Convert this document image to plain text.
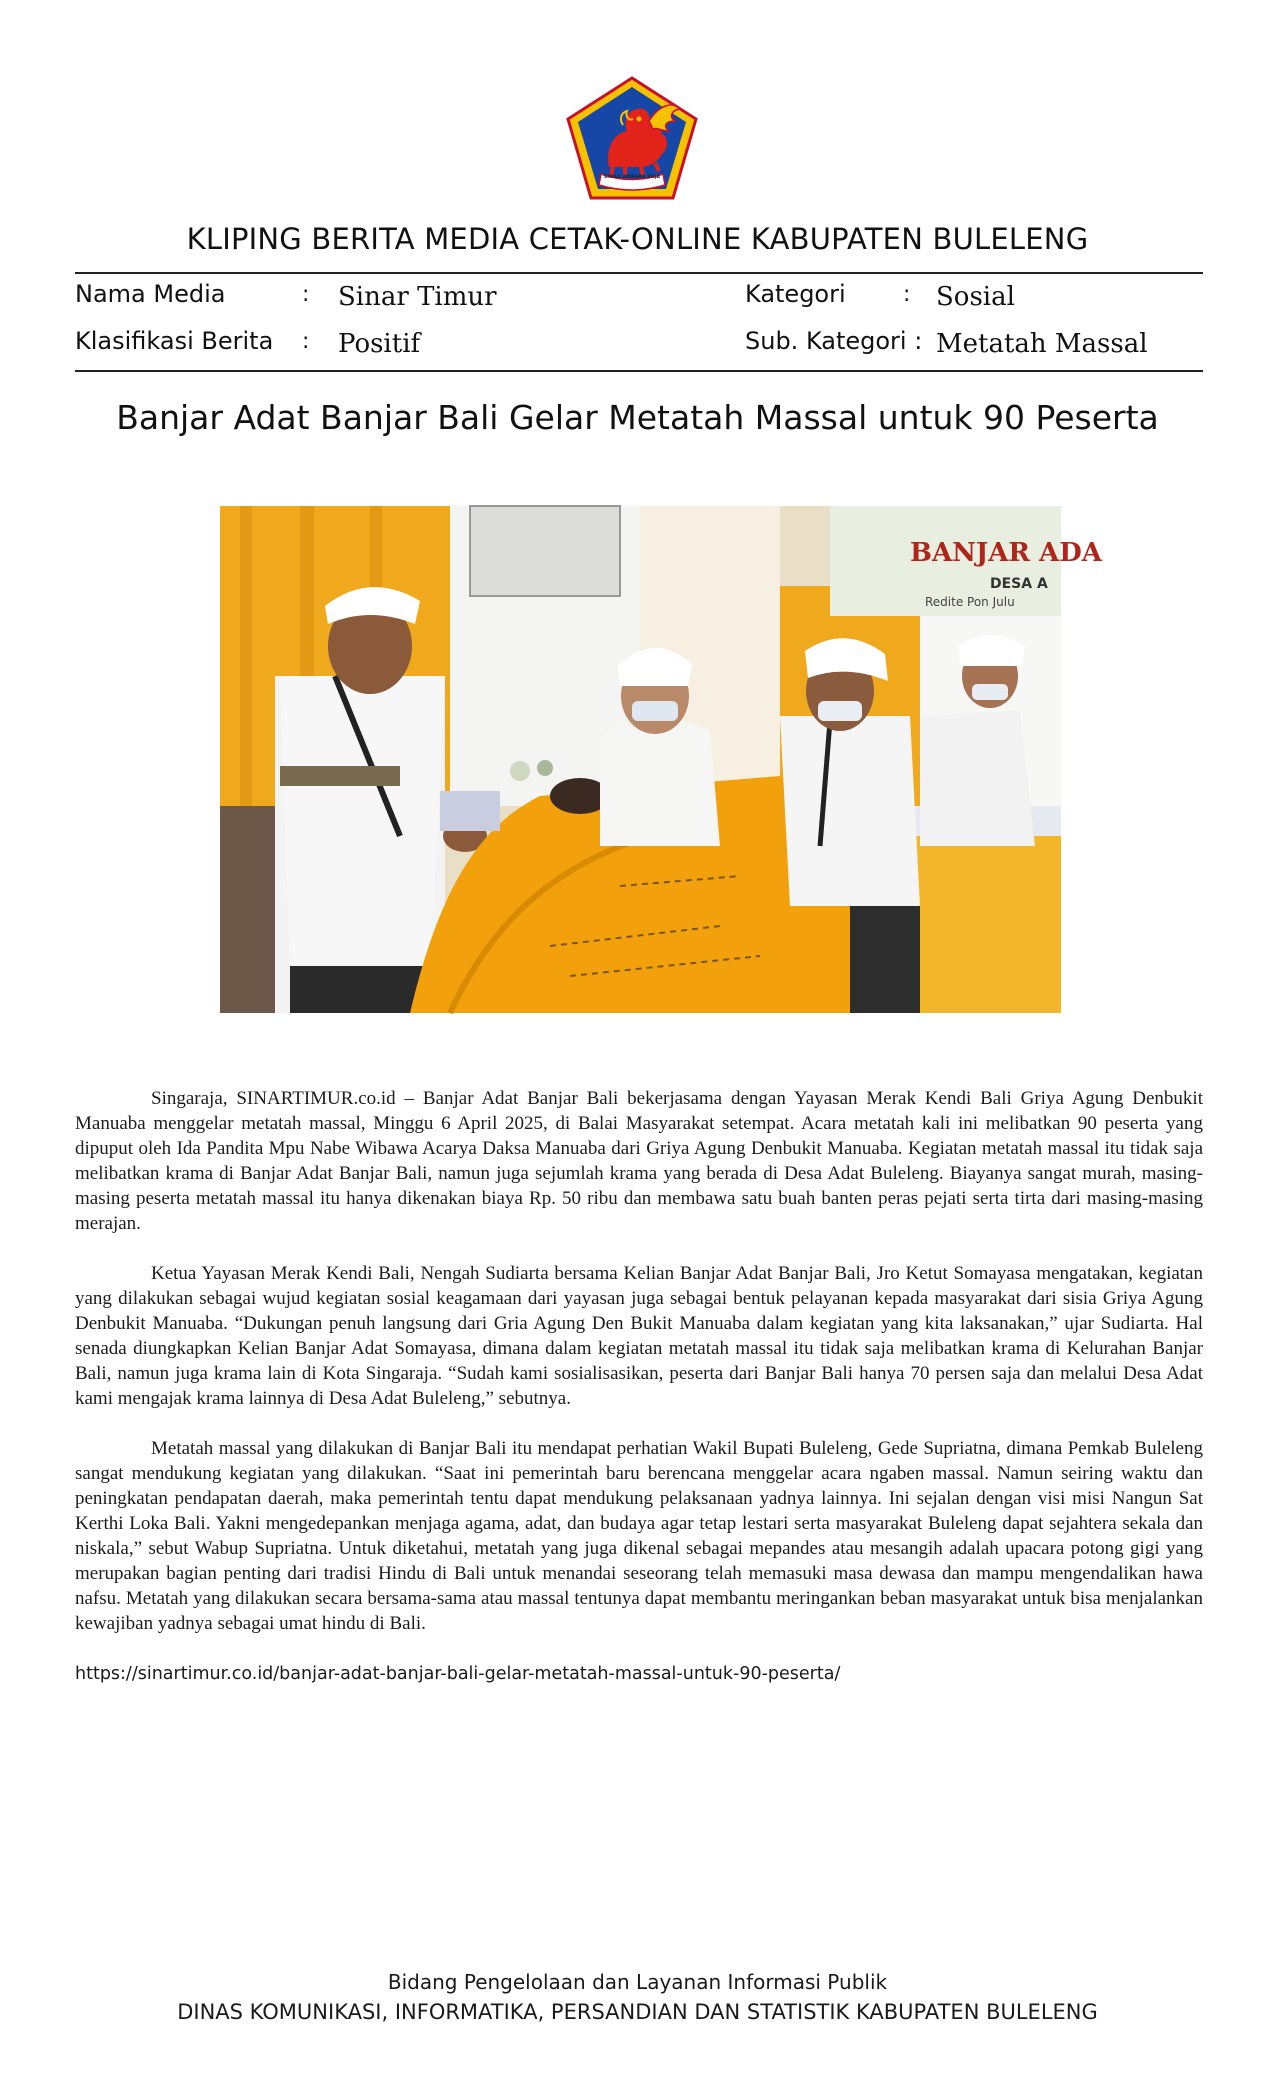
SINGA AMBARA RAJA
KLIPING BERITA MEDIA CETAK-ONLINE KABUPATEN BULELENG
Nama Media	: Sinar Timur	Kategori	: Sosial
Klasifikasi Berita : Positif	Sub. Kategori : Metatah Massal
Banjar Adat Banjar Bali Gelar Metatah Massal untuk 90 Peserta
BANJAR ADA
DESA A
Redite Pon Julu

Singaraja, SINARTIMUR.co.id – Banjar Adat Banjar Bali bekerjasama dengan Yayasan Merak Kendi Bali Griya Agung Denbukit Manuaba menggelar metatah massal, Minggu 6 April 2025, di Balai Masyarakat setempat. Acara metatah kali ini melibatkan 90 peserta yang dipuput oleh Ida Pandita Mpu Nabe Wibawa Acarya Daksa Manuaba dari Griya Agung Denbukit Manuaba. Kegiatan metatah massal itu tidak saja melibatkan krama di Banjar Adat Banjar Bali, namun juga sejumlah krama yang berada di Desa Adat Buleleng. Biayanya sangat murah, masing-masing peserta metatah massal itu hanya dikenakan biaya Rp. 50 ribu dan membawa satu buah banten peras pejati serta tirta dari masing-masing merajan.

Ketua Yayasan Merak Kendi Bali, Nengah Sudiarta bersama Kelian Banjar Adat Banjar Bali, Jro Ketut Somayasa mengatakan, kegiatan yang dilakukan sebagai wujud kegiatan sosial keagamaan dari yayasan juga sebagai bentuk pelayanan kepada masyarakat dari sisia Griya Agung Denbukit Manuaba. “Dukungan penuh langsung dari Gria Agung Den Bukit Manuaba dalam kegiatan yang kita laksanakan,” ujar Sudiarta. Hal senada diungkapkan Kelian Banjar Adat Somayasa, dimana dalam kegiatan metatah massal itu tidak saja melibatkan krama di Kelurahan Banjar Bali, namun juga krama lain di Kota Singaraja. “Sudah kami sosialisasikan, peserta dari Banjar Bali hanya 70 persen saja dan melalui Desa Adat kami mengajak krama lainnya di Desa Adat Buleleng,” sebutnya.

Metatah massal yang dilakukan di Banjar Bali itu mendapat perhatian Wakil Bupati Buleleng, Gede Supriatna, dimana Pemkab Buleleng sangat mendukung kegiatan yang dilakukan. “Saat ini pemerintah baru berencana menggelar acara ngaben massal. Namun seiring waktu dan peningkatan pendapatan daerah, maka pemerintah tentu dapat mendukung pelaksanaan yadnya lainnya. Ini sejalan dengan visi misi Nangun Sat Kerthi Loka Bali. Yakni mengedepankan menjaga agama, adat, dan budaya agar tetap lestari serta masyarakat Buleleng dapat sejahtera sekala dan niskala,” sebut Wabup Supriatna. Untuk diketahui, metatah yang juga dikenal sebagai mepandes atau mesangih adalah upacara potong gigi yang merupakan bagian penting dari tradisi Hindu di Bali untuk menandai seseorang telah memasuki masa dewasa dan mampu mengendalikan hawa nafsu. Metatah yang dilakukan secara bersama-sama atau massal tentunya dapat membantu meringankan beban masyarakat untuk bisa menjalankan kewajiban yadnya sebagai umat hindu di Bali.

https://sinartimur.co.id/banjar-adat-banjar-bali-gelar-metatah-massal-untuk-90-peserta/
Bidang Pengelolaan dan Layanan Informasi Publik
DINAS KOMUNIKASI, INFORMATIKA, PERSANDIAN DAN STATISTIK KABUPATEN BULELENG
